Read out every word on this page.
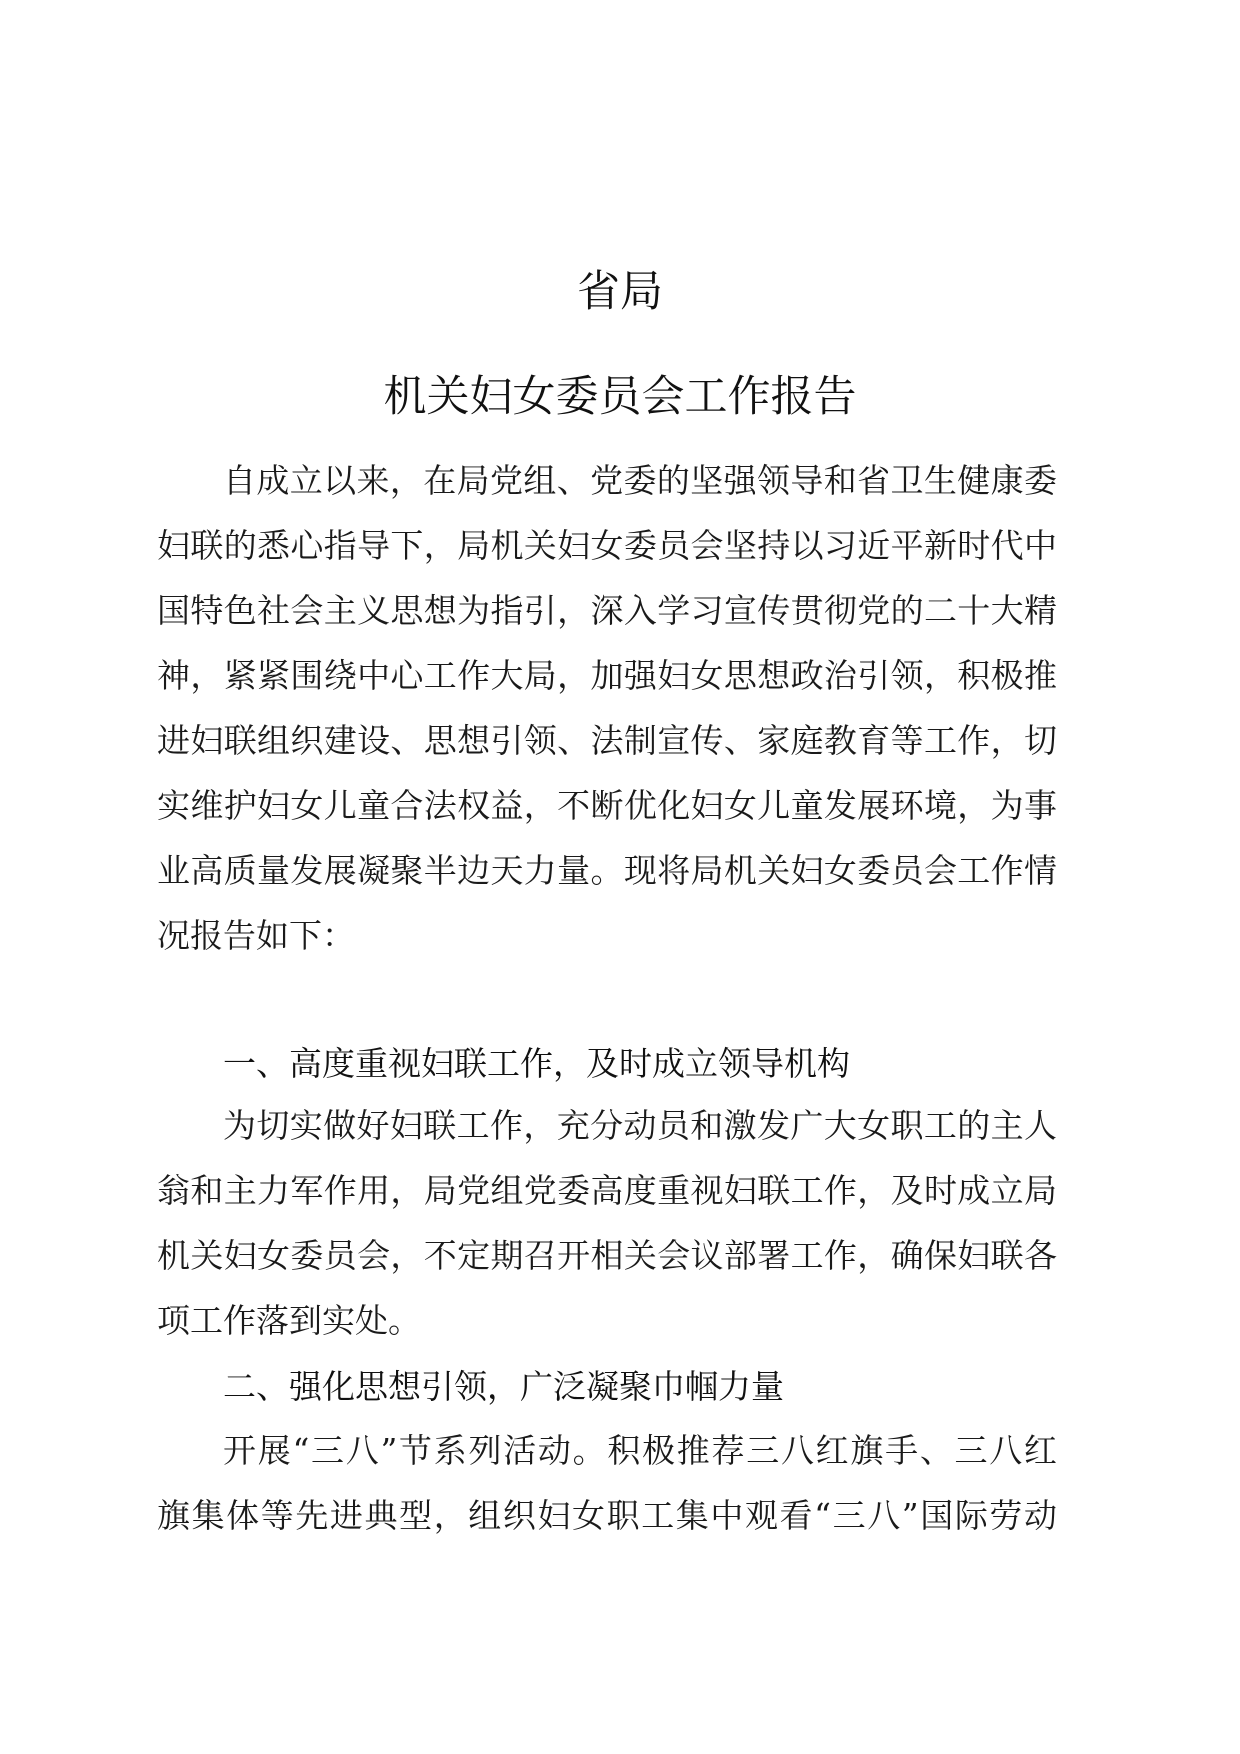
省局
机关妇女委员会工作报告
自成立以来，在局党组、党委的坚强领导和省卫生健康委
妇联的悉心指导下，局机关妇女委员会坚持以习近平新时代中
国特色社会主义思想为指引，深入学习宣传贯彻党的二十大精
神，紧紧围绕中心工作大局，加强妇女思想政治引领，积极推
进妇联组织建设、思想引领、法制宣传、家庭教育等工作，切
实维护妇女儿童合法权益，不断优化妇女儿童发展环境，为事
业高质量发展凝聚半边天力量。现将局机关妇女委员会工作情
况报告如下：
一、高度重视妇联工作，及时成立领导机构
为切实做好妇联工作，充分动员和激发广大女职工的主人
翁和主力军作用，局党组党委高度重视妇联工作，及时成立局
机关妇女委员会，不定期召开相关会议部署工作，确保妇联各
项工作落到实处。
二、强化思想引领，广泛凝聚巾帼力量
开展“三八”节系列活动。积极推荐三八红旗手、三八红
旗集体等先进典型，组织妇女职工集中观看“三八”国际劳动
